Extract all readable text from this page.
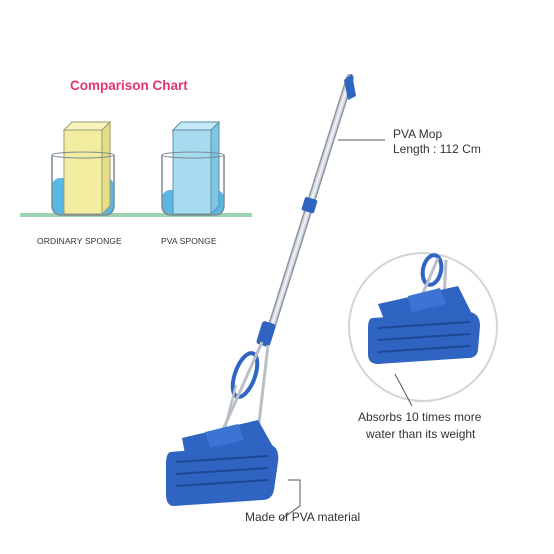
Comparison Chart
ORDINARY SPONGE	PVA SPONGE
PVA Mop
Length : 112 Cm
Absorbs 10 times more
water than its weight
Made of PVA material
